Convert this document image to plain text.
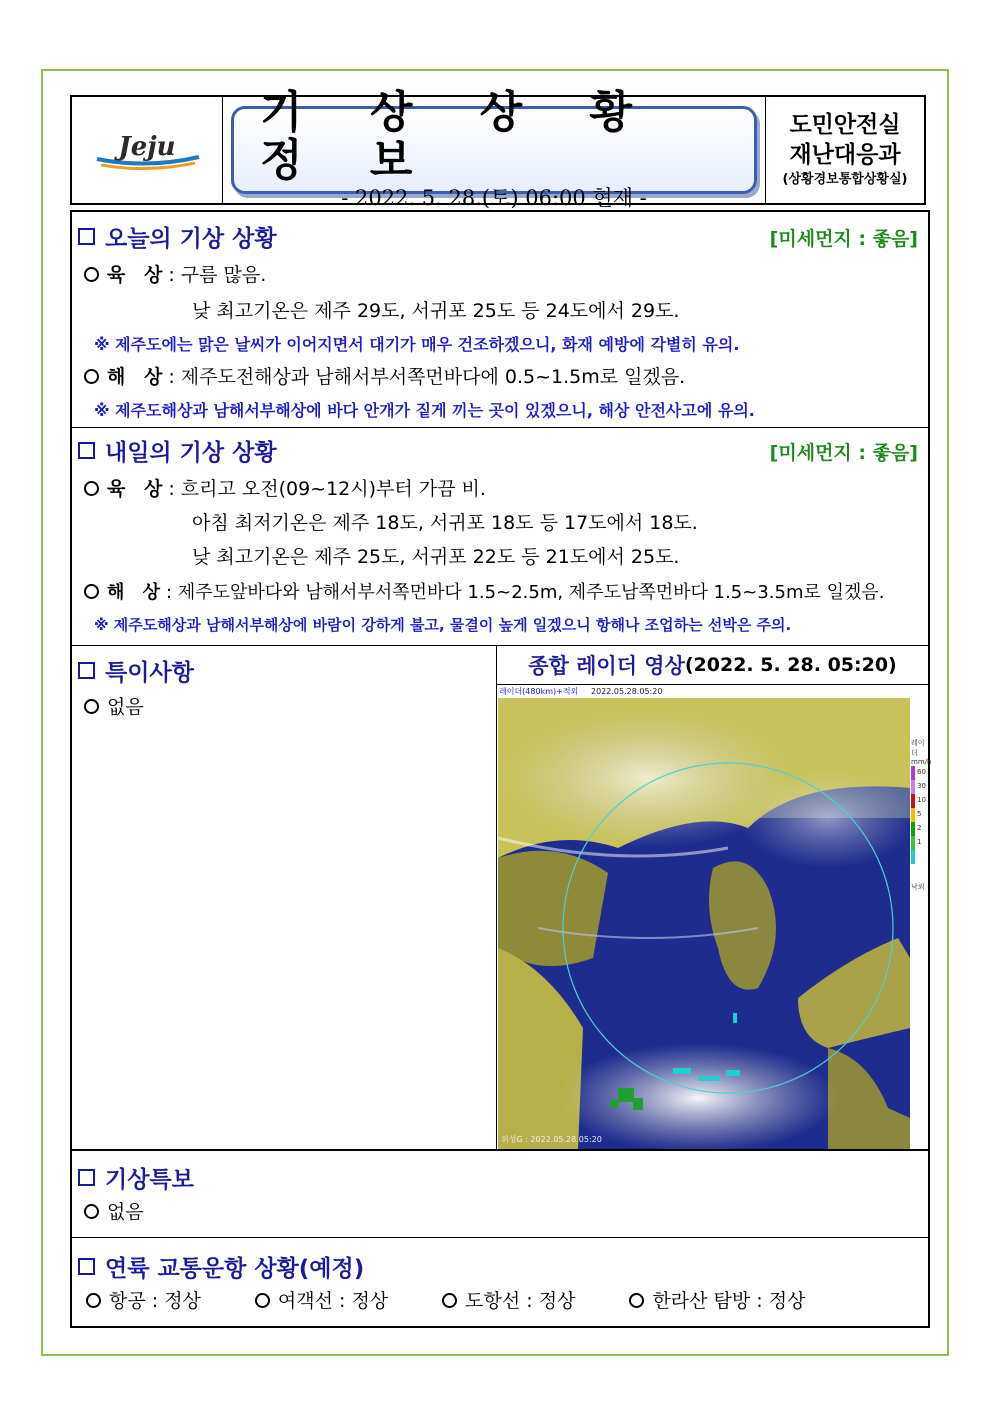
Jeju
기 상 상 황 정 보
- 2022. 5. 28.(토) 06:00 현재 -
도민안전실
재난대응과
(상황경보통합상황실)
오늘의 기상 상황	[미세먼지 : 좋음]
육 상: 구름 많음.
낮 최고기온은 제주 29도, 서귀포 25도 등 24도에서 29도.
※ 제주도에는 맑은 날씨가 이어지면서 대기가 매우 건조하겠으니, 화재 예방에 각별히 유의.
해 상: 제주도전해상과 남해서부서쪽먼바다에 0.5~1.5m로 일겠음.
※ 제주도해상과 남해서부해상에 바다 안개가 짙게 끼는 곳이 있겠으니, 해상 안전사고에 유의.
내일의 기상 상황	[미세먼지 : 좋음]
육 상: 흐리고 오전(09~12시)부터 가끔 비.
아침 최저기온은 제주 18도, 서귀포 18도 등 17도에서 18도.
낮 최고기온은 제주 25도, 서귀포 22도 등 21도에서 25도.
해 상: 제주도앞바다와 남해서부서쪽먼바다 1.5~2.5m, 제주도남쪽먼바다 1.5~3.5m로 일겠음.
※ 제주도해상과 남해서부해상에 바람이 강하게 불고, 물결이 높게 일겠으니 항해나 조업하는 선박은 주의.
특이사항
없음
종합 레이더 영상 (2022. 5. 28. 05:20)
레이더(480km)+적외 2022.05.28.05:20
위성G : 2022.05.28.05:20
레이더
mm/h
60
30
10
5
2
1
낙뢰
기상특보
없음
연륙 교통운항 상황(예정)
항공 : 정상	여객선 : 정상	도항선 : 정상	한라산 탐방 : 정상
